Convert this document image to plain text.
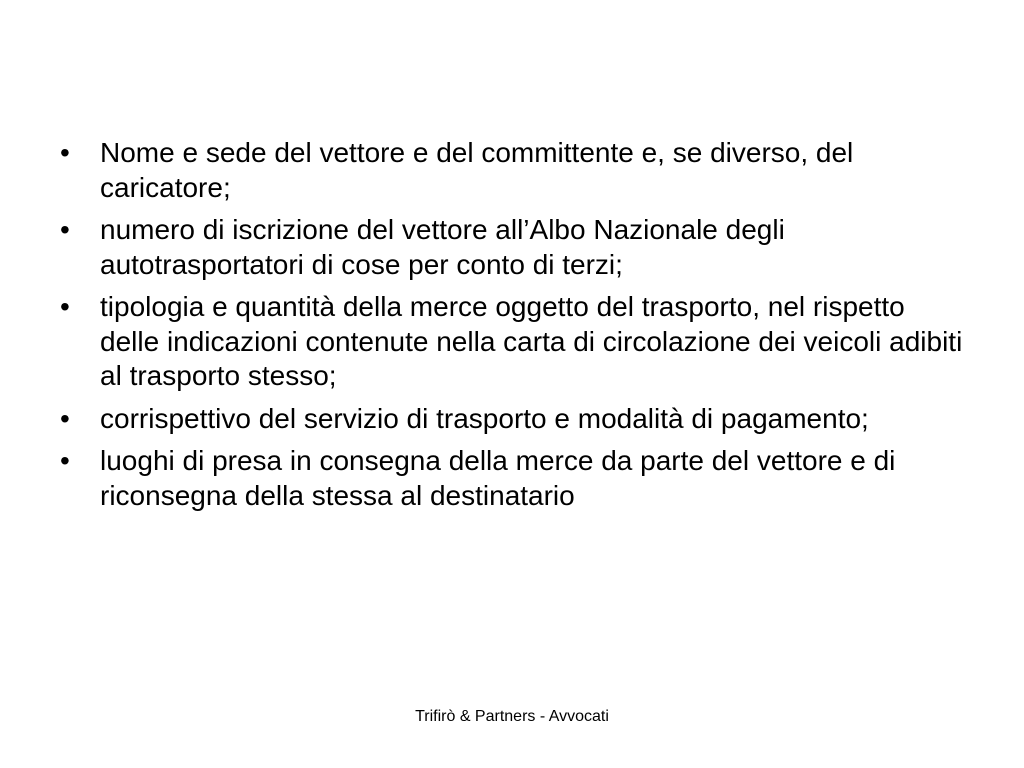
•	Nome e sede del vettore e del committente e, se diverso, del caricatore;
•	numero di iscrizione del vettore all’Albo Nazionale degli autotrasportatori di cose per conto di terzi;
•	tipologia e quantità della merce oggetto del trasporto, nel rispetto delle indicazioni contenute nella carta di circolazione dei veicoli adibiti al trasporto stesso;
•	corrispettivo del servizio di trasporto e modalità di pagamento;
•	luoghi di presa in consegna della merce da parte del vettore e di riconsegna della stessa al destinatario
Trifirò & Partners - Avvocati
